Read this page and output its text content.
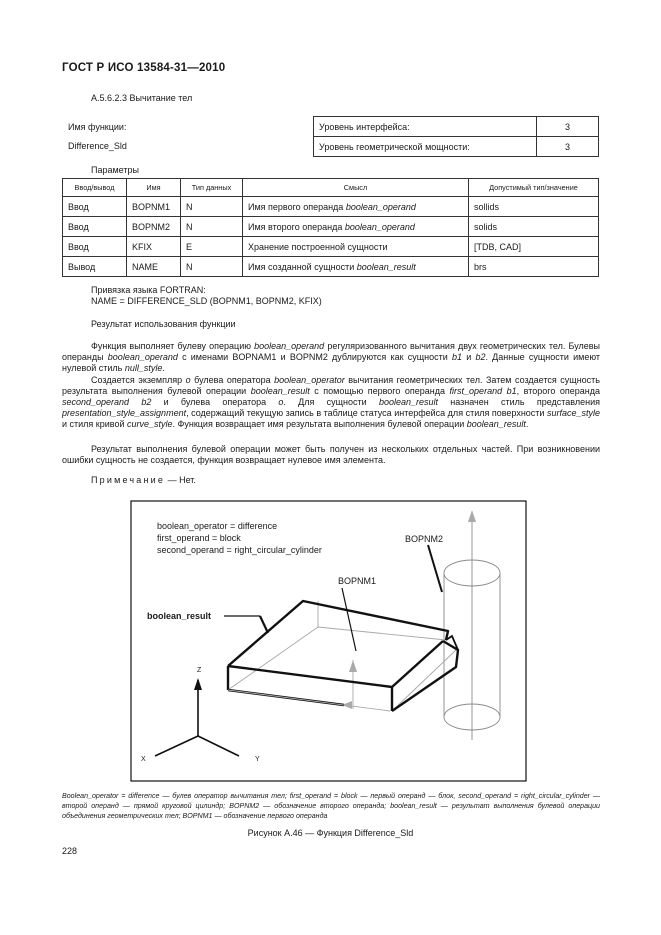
ГОСТ Р ИСО 13584-31—2010
A.5.6.2.3 Вычитание тел
Имя функции:
Difference_Sld
Уровень интерфейса:	3
Уровень геометрической мощности:	3
Параметры
Ввод/вывод	Имя	Тип данных	Смысл	Допустимый тип/значение
Ввод	BOPNM1	N	Имя первого операнда boolean_operand	sollids
Ввод	BOPNM2	N	Имя второго операнда boolean_operand	solids
Ввод	KFIX	E	Хранение построенной сущности	[TDB, CAD]
Вывод	NAME	N	Имя созданной сущности boolean_result	brs
Привязка языка FORTRAN:
NAME = DIFFERENCE_SLD (BOPNM1, BOPNM2, KFIX)
Результат использования функции
Функция выполняет булеву операцию boolean_operand регуляризованного вычитания двух геометрических тел. Булевы операнды boolean_operand с именами BOPNAM1 и BOPNM2 дублируются как сущности b1 и b2. Данные сущности имеют нулевой стиль null_style.
Создается экземпляр o булева оператора boolean_operator вычитания геометрических тел. Затем создается сущность результата выполнения булевой операции boolean_result с помощью первого операнда first_operand b1, второго операнда second_operand b2 и булева оператора o. Для сущности boolean_result назначен стиль представления presentation_style_assignment, содержащий текущую запись в таблице статуса интерфейса для стиля поверхности surface_style и стиля кривой curve_style. Функция возвращает имя результата выполнения булевой операции boolean_result.
Результат выполнения булевой операции может быть получен из нескольких отдельных частей. При возникновении ошибки сущность не создается, функция возвращает нулевое имя элемента.
Примечание — Нет.
boolean_operator = difference
first_operand = block
second_operand = right_circular_cylinder
BOPNM2
BOPNM1
boolean_result
Z
X	Y
Boolean_operator = difference — булев оператор вычитания тел; first_operand = block — первый операнд — блок, second_operand = right_circular_cylinder — второй операнд — прямой круговой цилиндр; BOPNM2 — обозначение второго операнда; boolean_result — результат выполнения булевой операции объединения геометрических тел; BOPNM1 — обозначение первого операнда
Рисунок A.46 — Функция Difference_Sld
228
